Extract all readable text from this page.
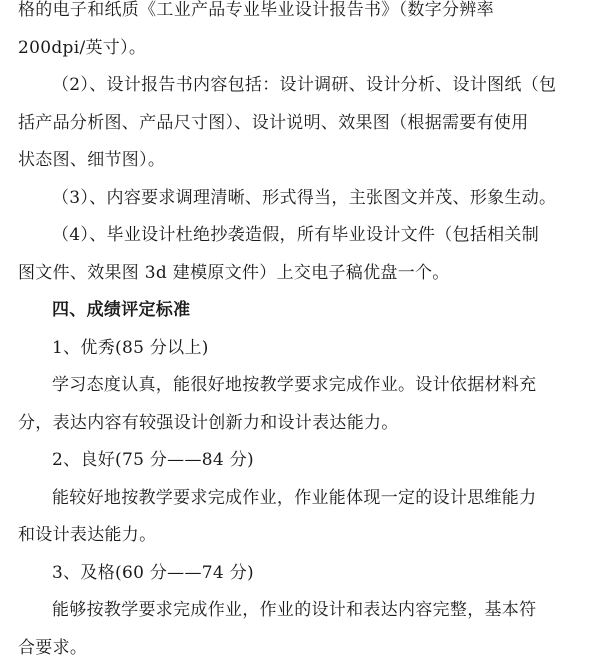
格的电子和纸质《工业产品专业毕业设计报告书》（数字分辨率
200dpi/英寸）。
（2）、设计报告书内容包括：设计调研、设计分析、设计图纸（包
括产品分析图、产品尺寸图）、设计说明、效果图（根据需要有使用
状态图、细节图）。
（3）、内容要求调理清晰、形式得当，主张图文并茂、形象生动。
（4）、毕业设计杜绝抄袭造假，所有毕业设计文件（包括相关制
图文件、效果图 3d 建模原文件）上交电子稿优盘一个。
四、成绩评定标准
1、优秀(85 分以上)
学习态度认真，能很好地按教学要求完成作业。设计依据材料充
分，表达内容有较强设计创新力和设计表达能力。
2、良好(75 分——84 分)
能较好地按教学要求完成作业，作业能体现一定的设计思维能力
和设计表达能力。
3、及格(60 分——74 分)
能够按教学要求完成作业，作业的设计和表达内容完整，基本符
合要求。
